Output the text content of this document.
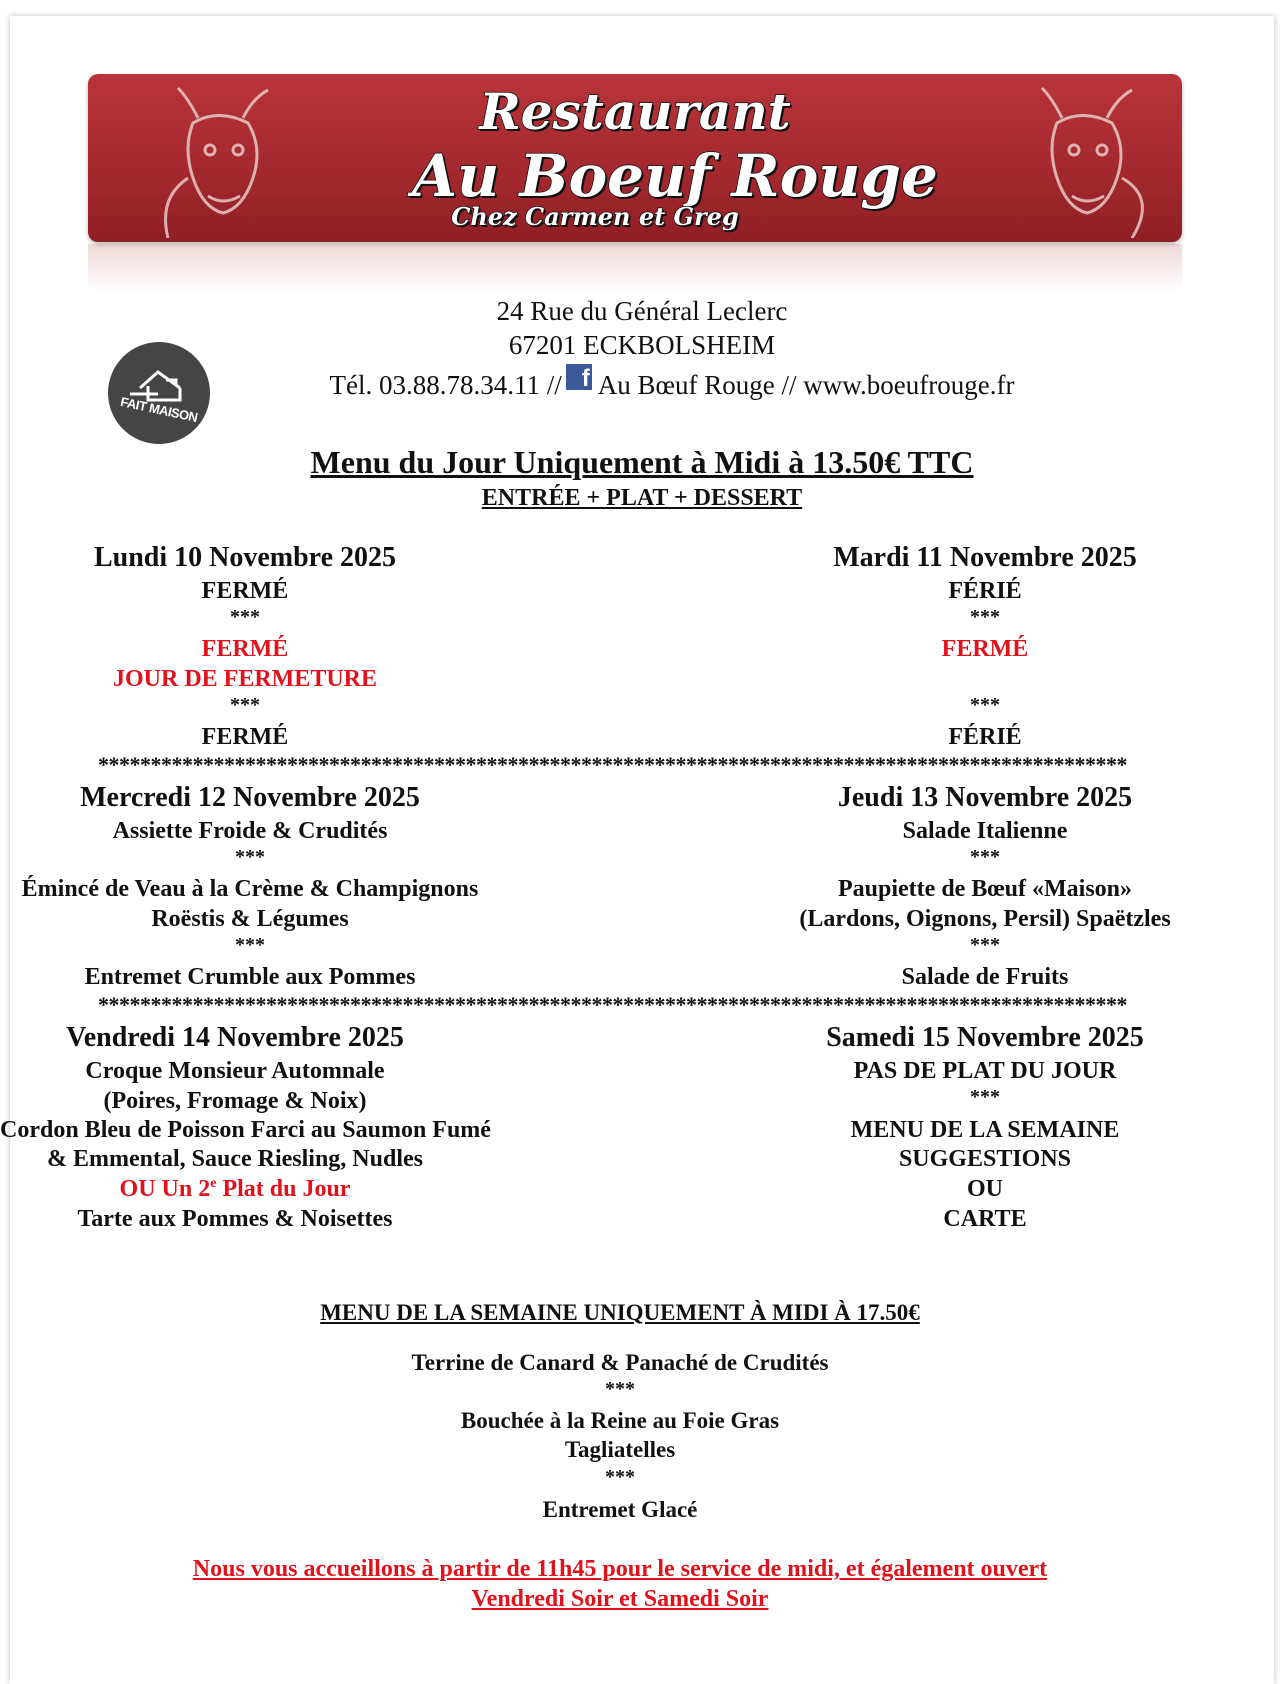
Restaurant
Au Boeuf Rouge
Chez Carmen et Greg
24 Rue du Général Leclerc
67201 ECKBOLSHEIM
Tél. 03.88.78.34.11 // f Au Bœuf Rouge // www.boeufrouge.fr
FAIT MAISON
Menu du Jour Uniquement à Midi à 13.50€ TTC
ENTRÉE + PLAT + DESSERT
Lundi 10 Novembre 2025
FERMÉ
***
FERMÉ
JOUR DE FERMETURE
***
FERMÉ
Mardi 11 Novembre 2025
FÉRIÉ
***
FERMÉ
***
FÉRIÉ
**************************************************************************************************
Mercredi 12 Novembre 2025
Assiette Froide & Crudités
***
Émincé de Veau à la Crème & Champignons
Roëstis & Légumes
***
Entremet Crumble aux Pommes
Jeudi 13 Novembre 2025
Salade Italienne
***
Paupiette de Bœuf «Maison»
(Lardons, Oignons, Persil) Spaëtzles
***
Salade de Fruits
**************************************************************************************************
Vendredi 14 Novembre 2025
Croque Monsieur Automnale
(Poires, Fromage & Noix)
Cordon Bleu de Poisson Farci au Saumon Fumé
& Emmental, Sauce Riesling, Nudles
OU Un 2e Plat du Jour
Tarte aux Pommes & Noisettes
Samedi 15 Novembre 2025
PAS DE PLAT DU JOUR
***
MENU DE LA SEMAINE
SUGGESTIONS
OU
CARTE
MENU DE LA SEMAINE UNIQUEMENT À MIDI À 17.50€
Terrine de Canard & Panaché de Crudités
***
Bouchée à la Reine au Foie Gras
Tagliatelles
***
Entremet Glacé
Nous vous accueillons à partir de 11h45 pour le service de midi, et également ouvert
Vendredi Soir et Samedi Soir
